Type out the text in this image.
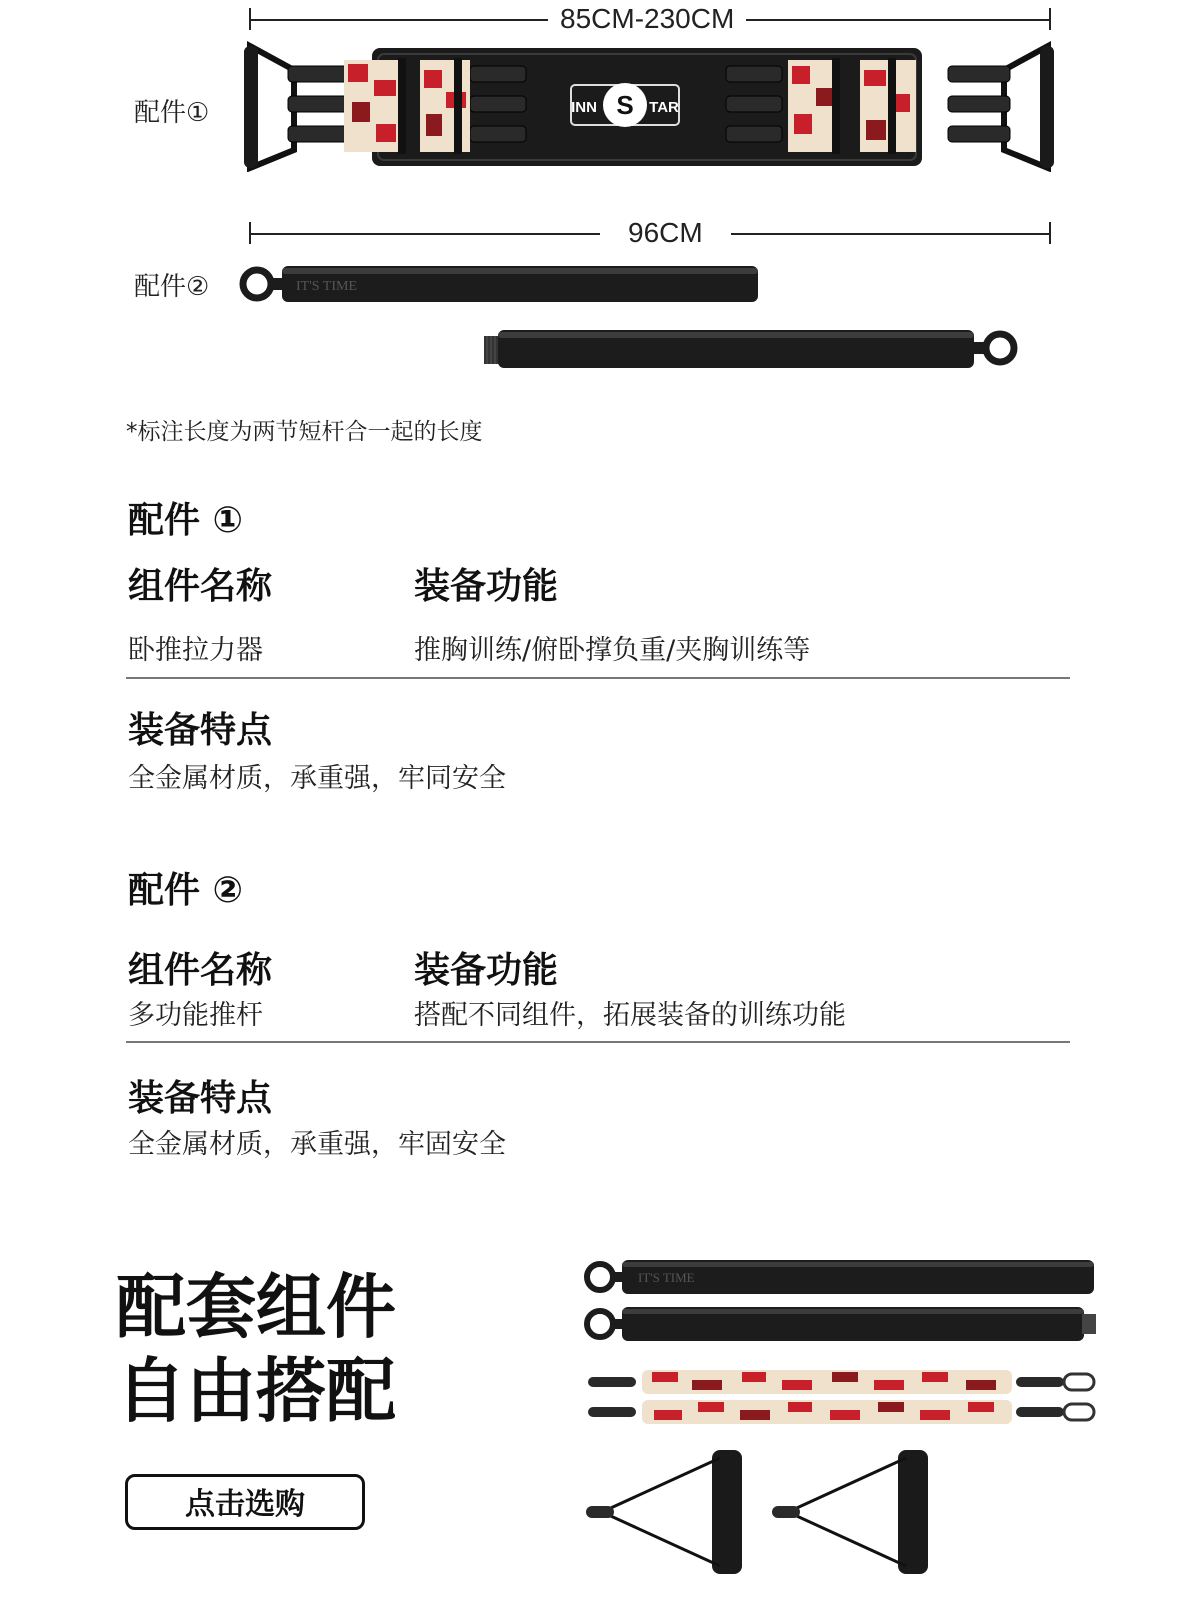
85CM-230CM
配件①	S
INN	TAR
96CM
配件②	IT'S TIME
*标注长度为两节短杆合一起的长度
配件 ①
组件名称	装备功能
卧推拉力器	推胸训练/俯卧撑负重/夹胸训练等
装备特点
全金属材质，承重强，牢同安全
配件 ②
组件名称	装备功能
多功能推杆	搭配不同组件，拓展装备的训练功能
装备特点
全金属材质，承重强，牢固安全
配套组件
自由搭配
点击选购
IT'S TIME
